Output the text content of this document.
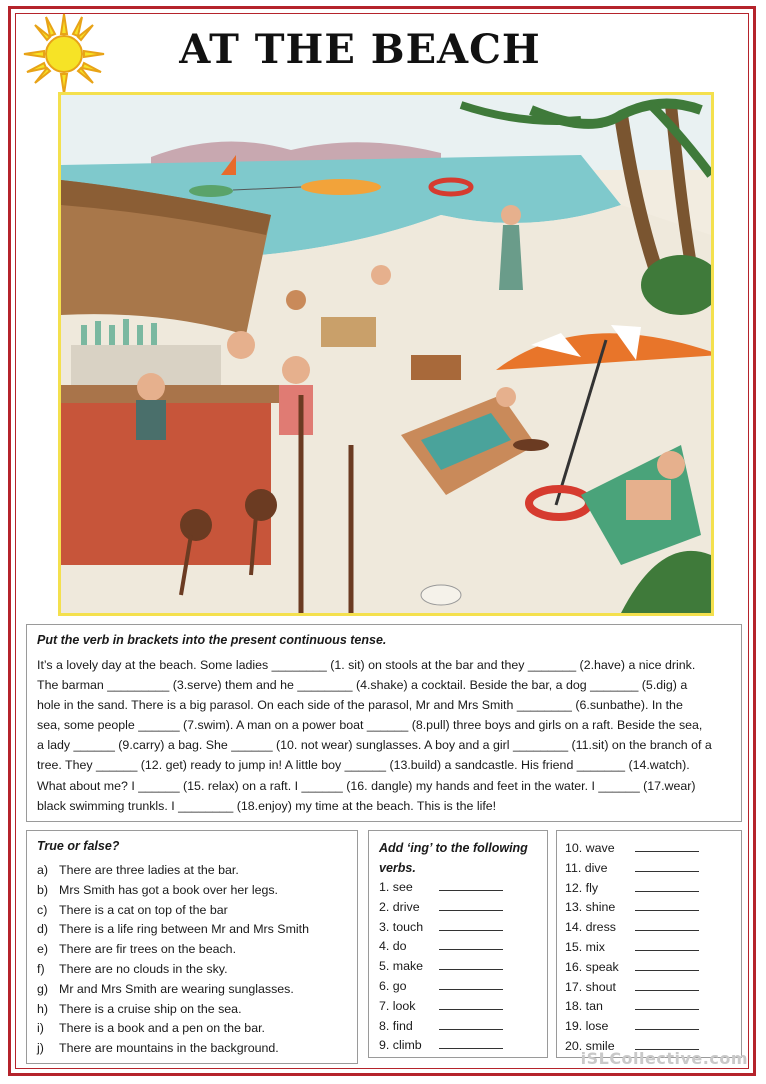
AT THE BEACH
Put the verb in brackets into the present continuous tense.

It’s a lovely day at the beach. Some ladies ________ (1. sit) on stools at the bar and they _______ (2.have) a nice drink.

The barman _________ (3.serve) them and he ________ (4.shake) a cocktail. Beside the bar, a dog _______ (5.dig) a

hole in the sand. There is a big parasol. On each side of the parasol, Mr and Mrs Smith ________ (6.sunbathe). In the

sea, some people ______ (7.swim). A man on a power boat ______ (8.pull) three boys and girls on a raft. Beside the sea,

a lady ______ (9.carry) a bag. She ______ (10. not wear) sunglasses. A boy and a girl ________ (11.sit) on the branch of a

tree. They ______ (12. get) ready to jump in! A little boy ______ (13.build) a sandcastle. His friend _______ (14.watch).

What about me? I ______ (15. relax) on a raft. I ______ (16. dangle) my hands and feet in the water. I ______ (17.wear)

black swimming trunkls. I ________ (18.enjoy) my time at the beach. This is the life!

True or false?
a) There are three ladies at the bar.
b) Mrs Smith has got a book over her legs.
c) There is a cat on top of the bar
d) There is a life ring between Mr and Mrs Smith
e) There are fir trees on the beach.
f) There are no clouds in the sky.
g) Mr and Mrs Smith are wearing sunglasses.
h) There is a cruise ship on the sea.
i) There is a book and a pen on the bar.
j) There are mountains in the background.
Add ‘ing’ to the following
verbs.
1. see
2. drive
3. touch
4. do
5. make
6. go
7. look
8. find
9. climb
10. wave
11. dive
12. fly
13. shine
14. dress
15. mix
16. speak
17. shout
18. tan
19. lose
20. smile
iSLCollective.com
